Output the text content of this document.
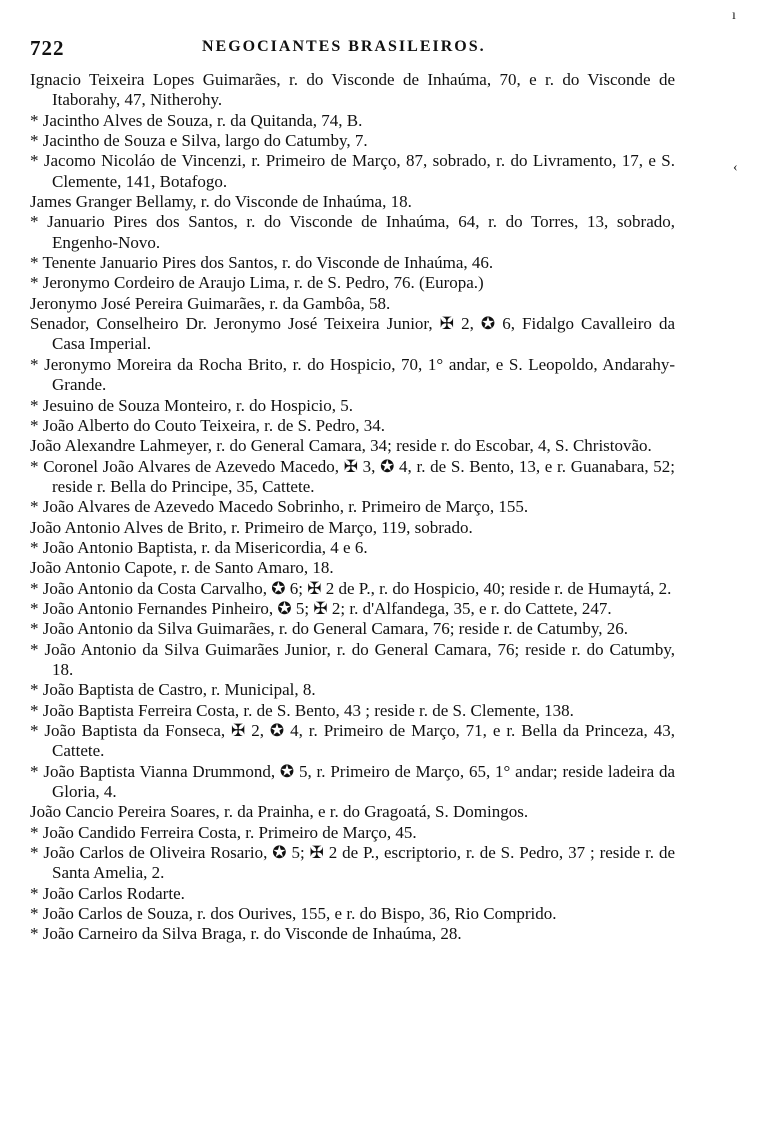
722	NEGOCIANTES BRASILEIROS.

Ignacio Teixeira Lopes Guimarães, r. do Visconde de Inhaúma, 70, e r. do Visconde de Itaborahy, 47, Nitherohy.

* Jacintho Alves de Souza, r. da Quitanda, 74, B.

* Jacintho de Souza e Silva, largo do Catumby, 7.

* Jacomo Nicoláo de Vincenzi, r. Primeiro de Março, 87, sobrado, r. do Livramento, 17, e S. Clemente, 141, Botafogo.

James Granger Bellamy, r. do Visconde de Inhaúma, 18.

* Januario Pires dos Santos, r. do Visconde de Inhaúma, 64, r. do Torres, 13, sobrado, Engenho-Novo.

* Tenente Januario Pires dos Santos, r. do Visconde de Inhaúma, 46.

* Jeronymo Cordeiro de Araujo Lima, r. de S. Pedro, 76. (Europa.)

Jeronymo José Pereira Guimarães, r. da Gambôa, 58.

Senador, Conselheiro Dr. Jeronymo José Teixeira Junior, ✠ 2, ✪ 6, Fidalgo Cavalleiro da Casa Imperial.

* Jeronymo Moreira da Rocha Brito, r. do Hospicio, 70, 1° andar, e S. Leopoldo, Andarahy-Grande.

* Jesuino de Souza Monteiro, r. do Hospicio, 5.

* João Alberto do Couto Teixeira, r. de S. Pedro, 34.

João Alexandre Lahmeyer, r. do General Camara, 34; reside r. do Escobar, 4, S. Christovão.

* Coronel João Alvares de Azevedo Macedo, ✠ 3, ✪ 4, r. de S. Bento, 13, e r. Guanabara, 52; reside r. Bella do Principe, 35, Cattete.

* João Alvares de Azevedo Macedo Sobrinho, r. Primeiro de Março, 155.

João Antonio Alves de Brito, r. Primeiro de Março, 119, sobrado.

* João Antonio Baptista, r. da Misericordia, 4 e 6.

João Antonio Capote, r. de Santo Amaro, 18.

* João Antonio da Costa Carvalho, ✪ 6; ✠ 2 de P., r. do Hospicio, 40; reside r. de Humaytá, 2.

* João Antonio Fernandes Pinheiro, ✪ 5; ✠ 2; r. d'Alfandega, 35, e r. do Cattete, 247.

* João Antonio da Silva Guimarães, r. do General Camara, 76; reside r. de Catumby, 26.

* João Antonio da Silva Guimarães Junior, r. do General Camara, 76; reside r. do Catumby, 18.

* João Baptista de Castro, r. Municipal, 8.

* João Baptista Ferreira Costa, r. de S. Bento, 43 ; reside r. de S. Clemente, 138.

* João Baptista da Fonseca, ✠ 2, ✪ 4, r. Primeiro de Março, 71, e r. Bella da Princeza, 43, Cattete.

* João Baptista Vianna Drummond, ✪ 5, r. Primeiro de Março, 65, 1° andar; reside ladeira da Gloria, 4.

João Cancio Pereira Soares, r. da Prainha, e r. do Gragoatá, S. Domingos.

* João Candido Ferreira Costa, r. Primeiro de Março, 45.

* João Carlos de Oliveira Rosario, ✪ 5; ✠ 2 de P., escriptorio, r. de S. Pedro, 37 ; reside r. de Santa Amelia, 2.

* João Carlos Rodarte.

* João Carlos de Souza, r. dos Ourives, 155, e r. do Bispo, 36, Rio Comprido.

* João Carneiro da Silva Braga, r. do Visconde de Inhaúma, 28.

ı
‹
